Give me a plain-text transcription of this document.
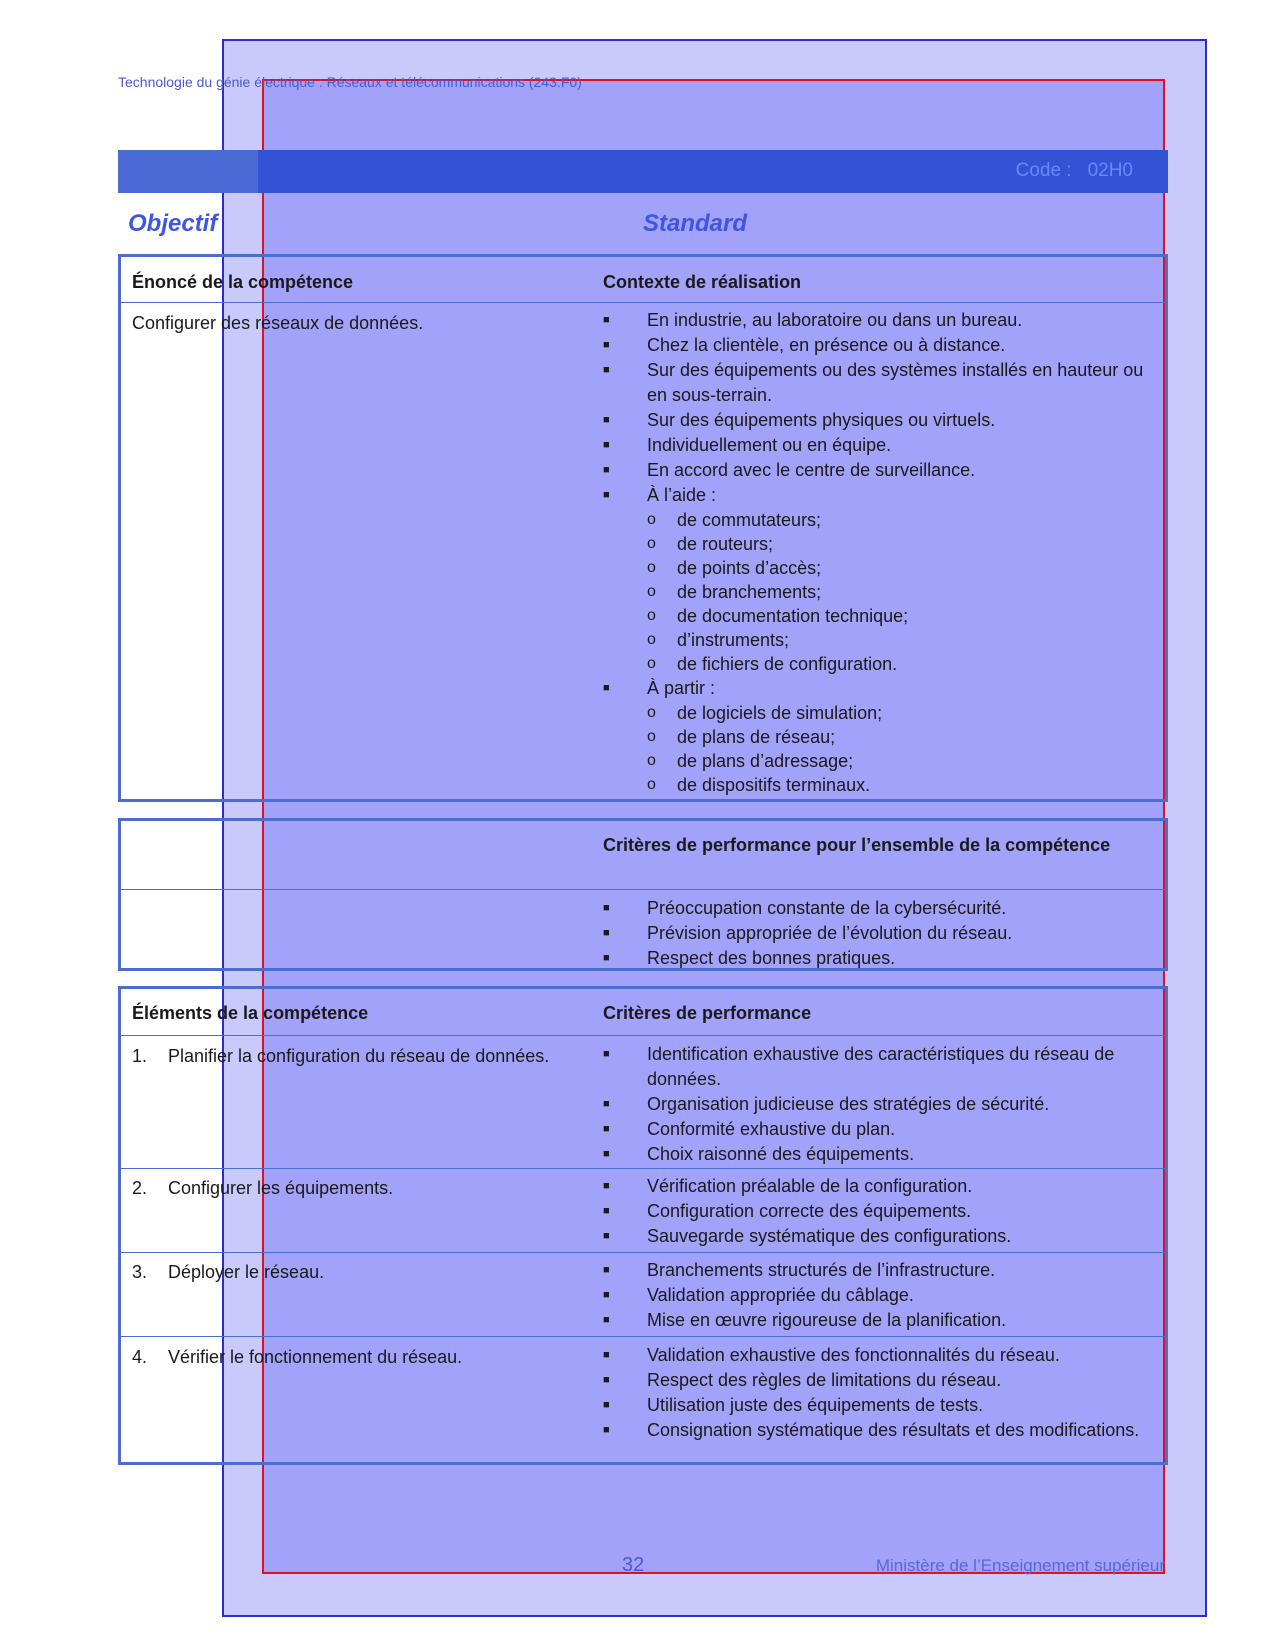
Technologie du génie électrique : Réseaux et télécommunications (243.F0)
Code : 02H0
Objectif	Standard
Énoncé de la compétence	Contexte de réalisation
Configurer des réseaux de données.	■ En industrie, au laboratoire ou dans un bureau.
■ Chez la clientèle, en présence ou à distance.
■ Sur des équipements ou des systèmes installés en hauteur ou en sous-terrain.
■ Sur des équipements physiques ou virtuels.
■ Individuellement ou en équipe.
■ En accord avec le centre de surveillance.
■ À l’aide :
o de commutateurs;
o de routeurs;
o de points d’accès;
o de branchements;
o de documentation technique;
o d’instruments;
o de fichiers de configuration.
■ À partir :
o de logiciels de simulation;
o de plans de réseau;
o de plans d’adressage;
o de dispositifs terminaux.
Critères de performance pour l’ensemble de la compétence
■ Préoccupation constante de la cybersécurité.
■ Prévision appropriée de l’évolution du réseau.
■ Respect des bonnes pratiques.
Éléments de la compétence	Critères de performance
1. Planifier la configuration du réseau de données.	■ Identification exhaustive des caractéristiques du réseau de données.
■ Organisation judicieuse des stratégies de sécurité.
■ Conformité exhaustive du plan.
■ Choix raisonné des équipements.
2. Configurer les équipements.	■ Vérification préalable de la configuration.
■ Configuration correcte des équipements.
■ Sauvegarde systématique des configurations.
3. Déployer le réseau.	■ Branchements structurés de l’infrastructure.
■ Validation appropriée du câblage.
■ Mise en œuvre rigoureuse de la planification.
4. Vérifier le fonctionnement du réseau.	■ Validation exhaustive des fonctionnalités du réseau.
■ Respect des règles de limitations du réseau.
■ Utilisation juste des équipements de tests.
■ Consignation systématique des résultats et des modifications.
32	Ministère de l’Enseignement supérieur
